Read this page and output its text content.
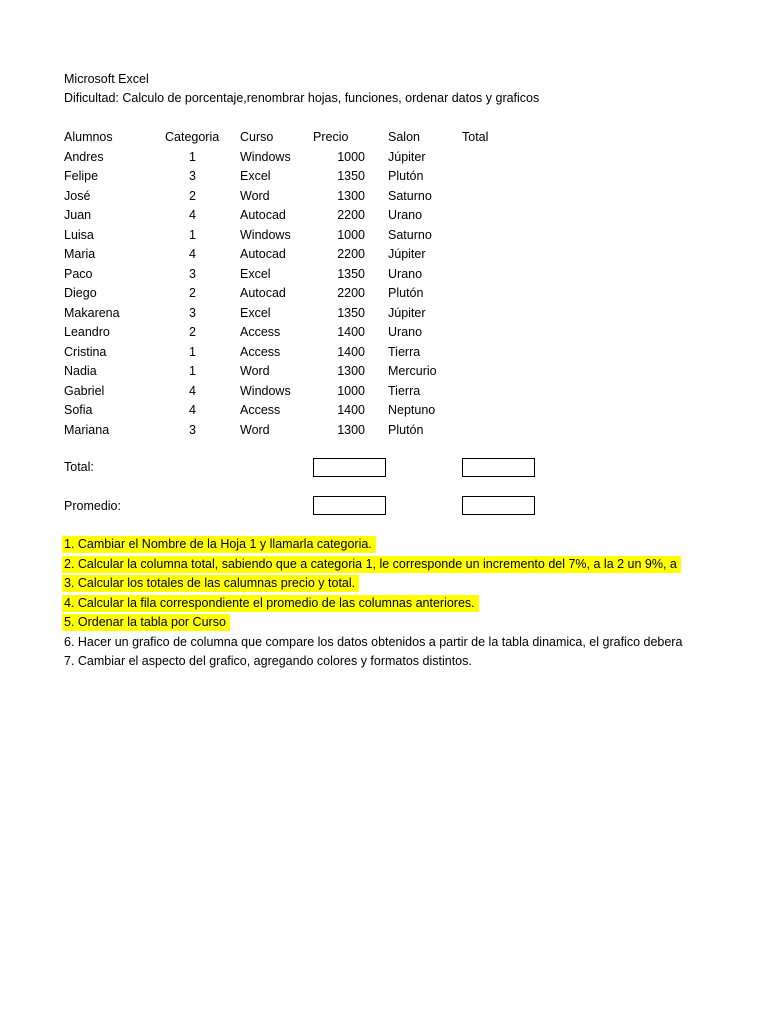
Microsoft Excel
Dificultad: Calculo de porcentaje,renombrar hojas, funciones, ordenar datos y graficos
Alumnos	Categoria Curso	Precio	Salon	Total
Andres	1	Windows	1000 Júpiter
Felipe	3	Excel	1350 Plutón
José	2	Word	1300 Saturno
Juan	4	Autocad	2200 Urano
Luisa	1	Windows	1000 Saturno
Maria	4	Autocad	2200 Júpiter
Paco	3	Excel	1350 Urano
Diego	2	Autocad	2200 Plutón
Makarena	3	Excel	1350 Júpiter
Leandro	2	Access	1400 Urano
Cristina	1	Access	1400 Tierra
Nadia	1	Word	1300 Mercurio
Gabriel	4	Windows	1000 Tierra
Sofia	4	Access	1400 Neptuno
Mariana	3	Word	1300 Plutón
Total:
Promedio:
1. Cambiar el Nombre de la Hoja 1 y llamarla categoria.
2. Calcular la columna total, sabiendo que a categoria 1, le corresponde un incremento del 7%, a la 2 un 9%, a
3. Calcular los totales de las calumnas precio y total.
4. Calcular la fila correspondiente el promedio de las columnas anteriores.
5. Ordenar la tabla por Curso
6. Hacer un grafico de columna que compare los datos obtenidos a partir de la tabla dinamica, el grafico debera
7. Cambiar el aspecto del grafico, agregando colores y formatos distintos.
